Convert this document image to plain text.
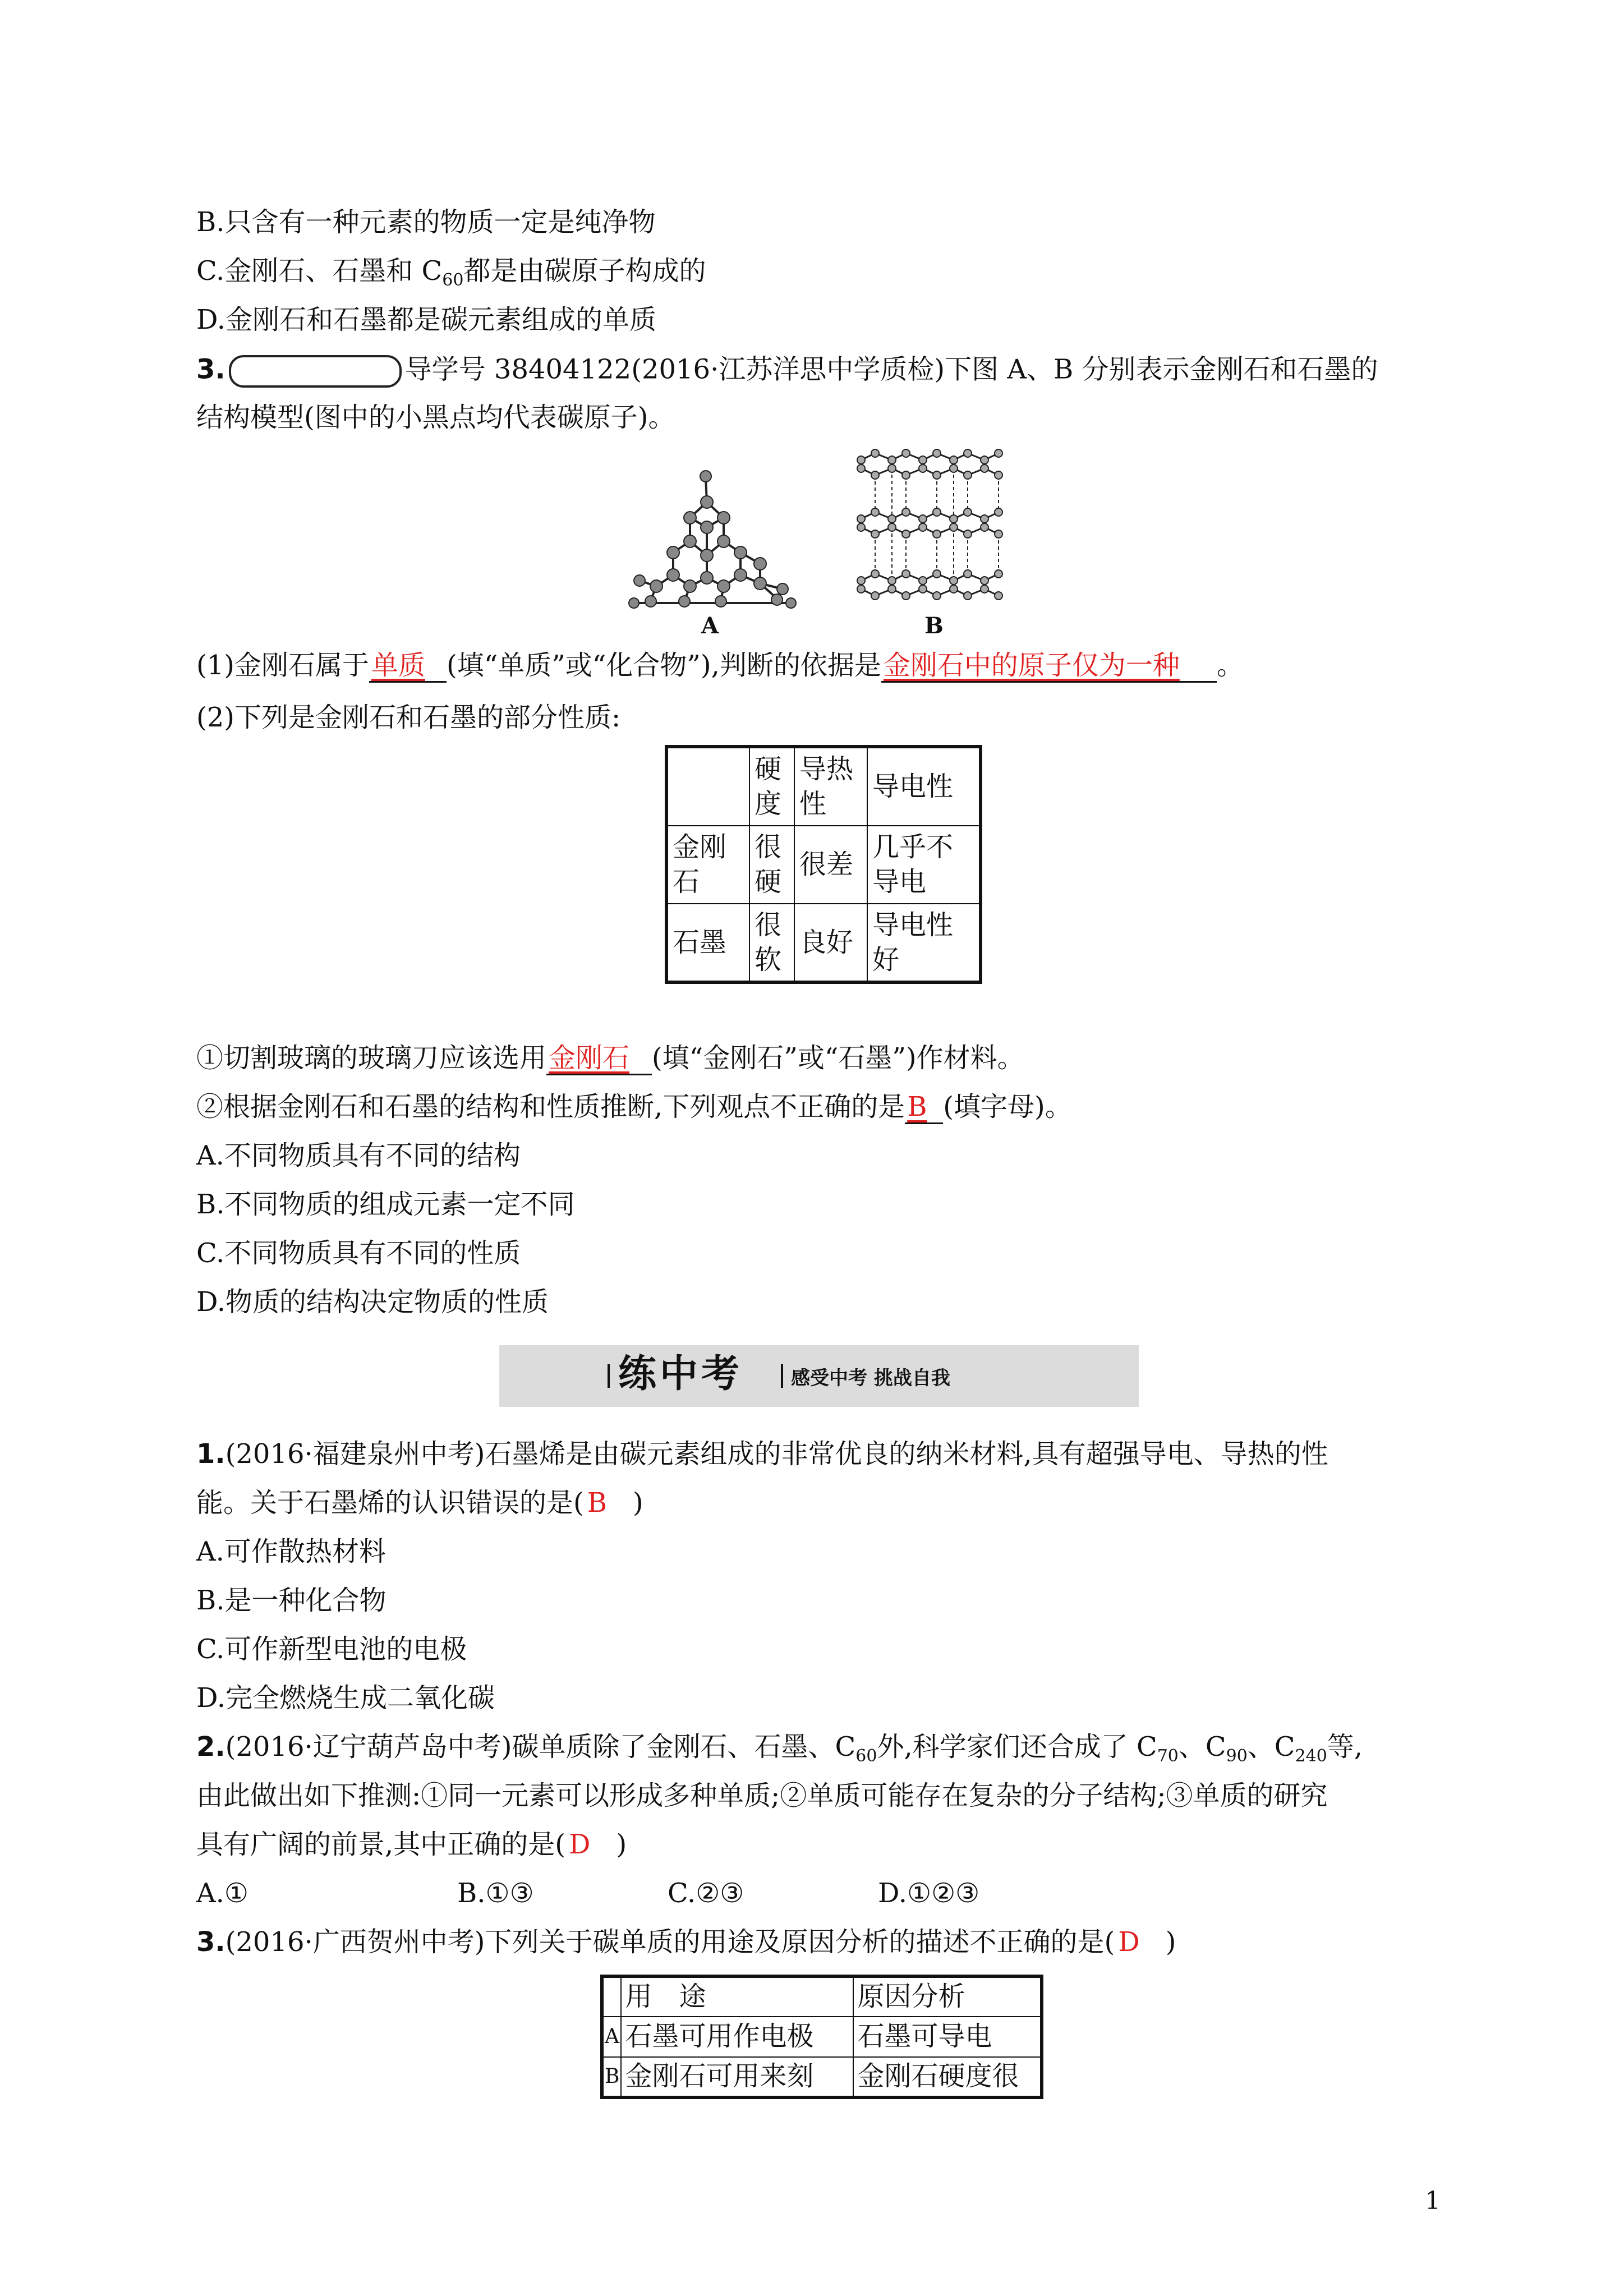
B.只含有一种元素的物质一定是纯净物
C.金刚石、石墨和 $C_{60}$都是由碳原子构成的
D.金刚石和石墨都是碳元素组成的单质
3.	导学号 38404122(2016·江苏洋思中学质检)下图 A、B 分别表示金刚石和石墨的
结构模型(图中的小黑点均代表碳原子)。
A	B
(1)金刚石属于单质 (填“单质”或“化合物”),判断的依据是金刚石中的原子仅为一种 。
(2)下列是金刚石和石墨的部分性质:
	硬度	导热性	导电性
金刚石	很硬	很差	几乎不导电
石墨	很软	良好	导电性好
①切割玻璃的玻璃刀应该选用金刚石 (填“金刚石”或“石墨”)作材料。
②根据金刚石和石墨的结构和性质推断,下列观点不正确的是B (填字母)。
A.不同物质具有不同的结构
B.不同物质的组成元素一定不同
C.不同物质具有不同的性质
D.物质的结构决定物质的性质
练中考	感受中考 挑战自我
1.(2016·福建泉州中考)石墨烯是由碳元素组成的非常优良的纳米材料,具有超强导电、导热的性
能。关于石墨烯的认识错误的是( B )
A.可作散热材料
B.是一种化合物
C.可作新型电池的电极
D.完全燃烧生成二氧化碳
2.(2016·辽宁葫芦岛中考)碳单质除了金刚石、石墨、$C_{60}$外,科学家们还合成了 $C_{70}$、$C_{90}$、$C_{240}$等,
由此做出如下推测:①同一元素可以形成多种单质;②单质可能存在复杂的分子结构;③单质的研究
具有广阔的前景,其中正确的是( D )
A.①	B.①③	C.②③	D.①②③
3.(2016·广西贺州中考)下列关于碳单质的用途及原因分析的描述不正确的是( D )
	用　途	原因分析
A	石墨可用作电极	石墨可导电
B	金刚石可用来刻	金刚石硬度很
1
